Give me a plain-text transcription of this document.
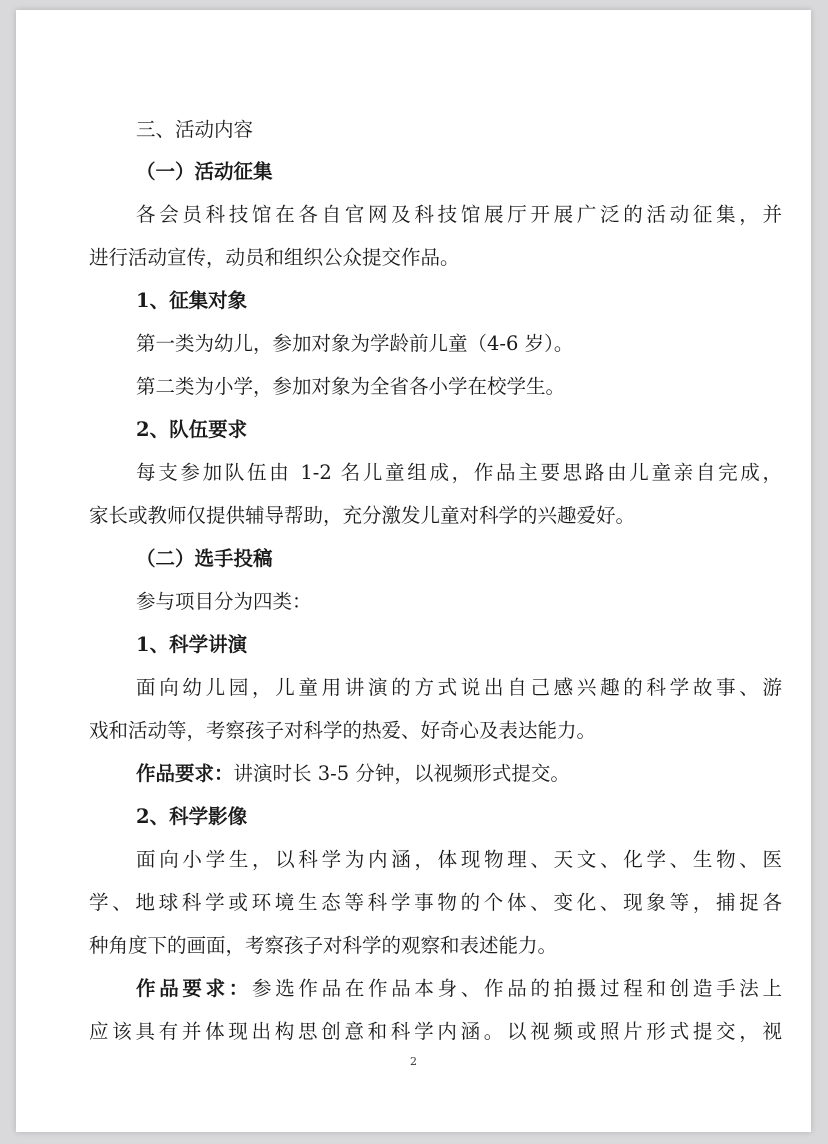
三、活动内容
（一）活动征集
各会员科技馆在各自官网及科技馆展厅开展广泛的活动征集，并
进行活动宣传，动员和组织公众提交作品。
1、征集对象
第一类为幼儿，参加对象为学龄前儿童（4-6 岁）。
第二类为小学，参加对象为全省各小学在校学生。
2、队伍要求
每支参加队伍由 1-2 名儿童组成，作品主要思路由儿童亲自完成，
家长或教师仅提供辅导帮助，充分激发儿童对科学的兴趣爱好。
（二）选手投稿
参与项目分为四类：
1、科学讲演
面向幼儿园，儿童用讲演的方式说出自己感兴趣的科学故事、游
戏和活动等，考察孩子对科学的热爱、好奇心及表达能力。
作品要求：讲演时长 3-5 分钟，以视频形式提交。
2、科学影像
面向小学生，以科学为内涵，体现物理、天文、化学、生物、医
学、地球科学或环境生态等科学事物的个体、变化、现象等，捕捉各
种角度下的画面，考察孩子对科学的观察和表述能力。
作品要求：参选作品在作品本身、作品的拍摄过程和创造手法上
应该具有并体现出构思创意和科学内涵。以视频或照片形式提交，视
2
